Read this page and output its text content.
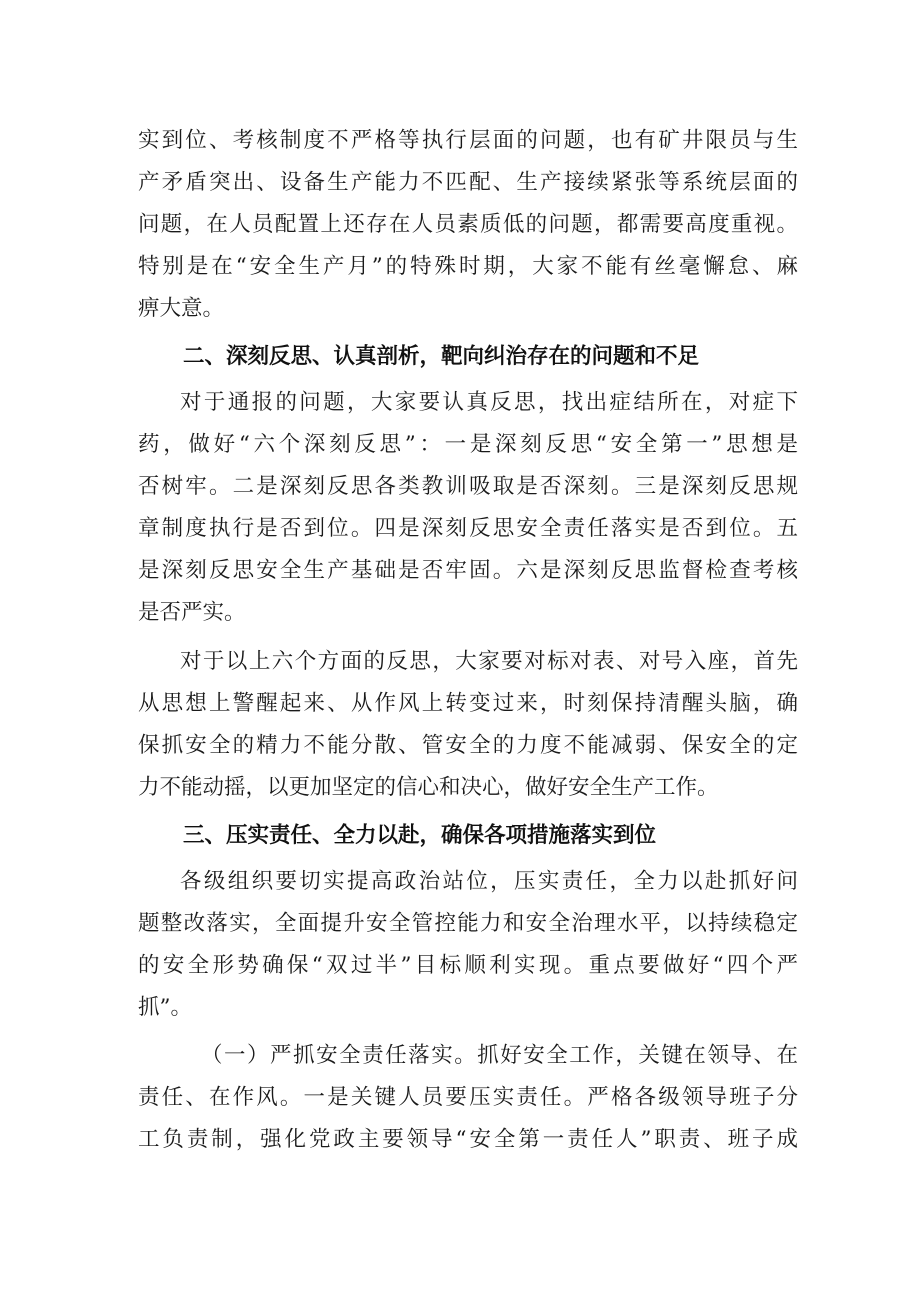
实到位、考核制度不严格等执行层面的问题，也有矿井限员与生
产矛盾突出、设备生产能力不匹配、生产接续紧张等系统层面的
问题，在人员配置上还存在人员素质低的问题，都需要高度重视。
特别是在“安全生产月”的特殊时期，大家不能有丝毫懈怠、麻
痹大意。
二、深刻反思、认真剖析，靶向纠治存在的问题和不足
对于通报的问题，大家要认真反思，找出症结所在，对症下
药，做好“六个深刻反思”：一是深刻反思“安全第一”思想是
否树牢。二是深刻反思各类教训吸取是否深刻。三是深刻反思规
章制度执行是否到位。四是深刻反思安全责任落实是否到位。五
是深刻反思安全生产基础是否牢固。六是深刻反思监督检查考核
是否严实。
对于以上六个方面的反思，大家要对标对表、对号入座，首先
从思想上警醒起来、从作风上转变过来，时刻保持清醒头脑，确
保抓安全的精力不能分散、管安全的力度不能减弱、保安全的定
力不能动摇，以更加坚定的信心和决心，做好安全生产工作。
三、压实责任、全力以赴，确保各项措施落实到位
各级组织要切实提高政治站位，压实责任，全力以赴抓好问
题整改落实，全面提升安全管控能力和安全治理水平，以持续稳定
的安全形势确保“双过半”目标顺利实现。重点要做好“四个严
抓”。
（一）严抓安全责任落实。抓好安全工作，关键在领导、在
责任、在作风。一是关键人员要压实责任。严格各级领导班子分
工负责制，强化党政主要领导“安全第一责任人”职责、班子成
